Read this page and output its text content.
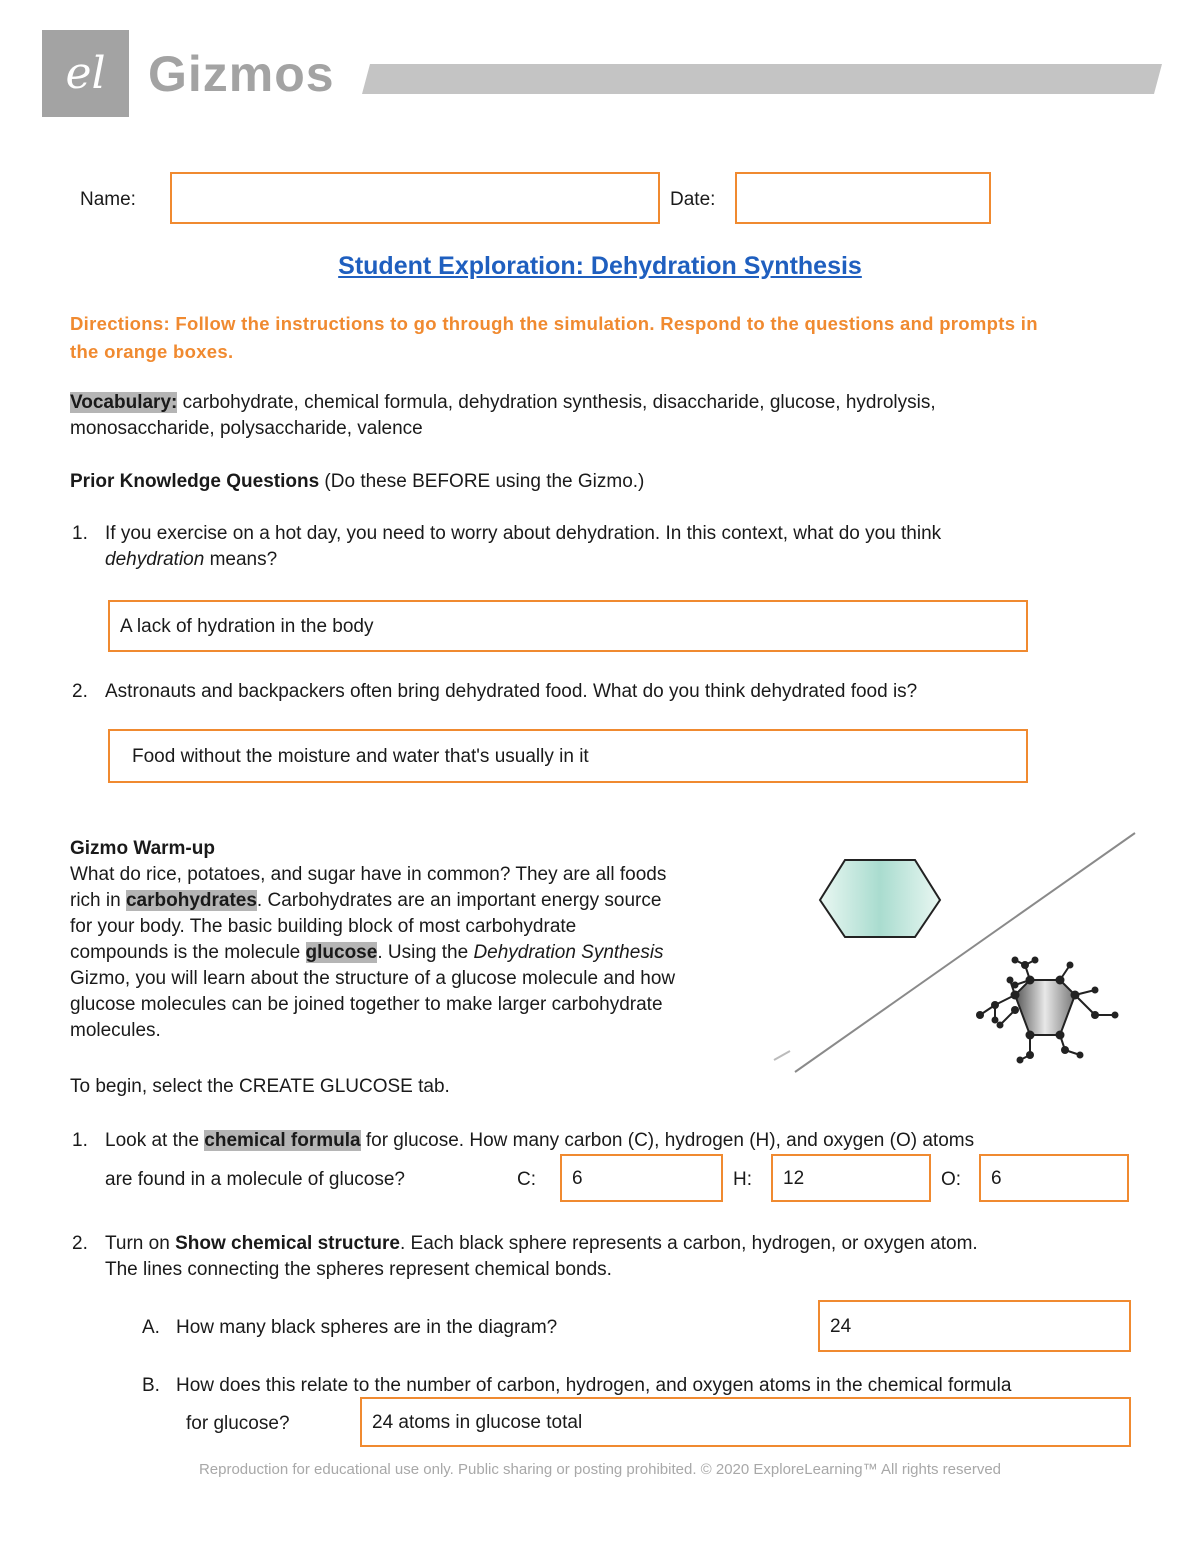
el Gizmos
Name:	Date:
Student Exploration: Dehydration Synthesis
Directions: Follow the instructions to go through the simulation. Respond to the questions and prompts in the orange boxes.
Vocabulary: carbohydrate, chemical formula, dehydration synthesis, disaccharide, glucose, hydrolysis,
monosaccharide, polysaccharide, valence
Prior Knowledge Questions (Do these BEFORE using the Gizmo.)
1. If you exercise on a hot day, you need to worry about dehydration. In this context, what do you think
dehydration means?
A lack of hydration in the body
2. Astronauts and backpackers often bring dehydrated food. What do you think dehydrated food is?
Food without the moisture and water that's usually in it
Gizmo Warm-up
What do rice, potatoes, and sugar have in common? They are all foods
rich in carbohydrates. Carbohydrates are an important energy source
for your body. The basic building block of most carbohydrate
compounds is the molecule glucose. Using the Dehydration Synthesis
Gizmo, you will learn about the structure of a glucose molecule and how
glucose molecules can be joined together to make larger carbohydrate
molecules.
To begin, select the CREATE GLUCOSE tab.
1. Look at the chemical formula for glucose. How many carbon (C), hydrogen (H), and oxygen (O) atoms
are found in a molecule of glucose?	C:	6	H:	12	O:	6
2. Turn on Show chemical structure. Each black sphere represents a carbon, hydrogen, or oxygen atom.
The lines connecting the spheres represent chemical bonds.
A. How many black spheres are in the diagram?	24
B. How does this relate to the number of carbon, hydrogen, and oxygen atoms in the chemical formula
for glucose?	24 atoms in glucose total
Reproduction for educational use only. Public sharing or posting prohibited. © 2020 ExploreLearning™ All rights reserved
